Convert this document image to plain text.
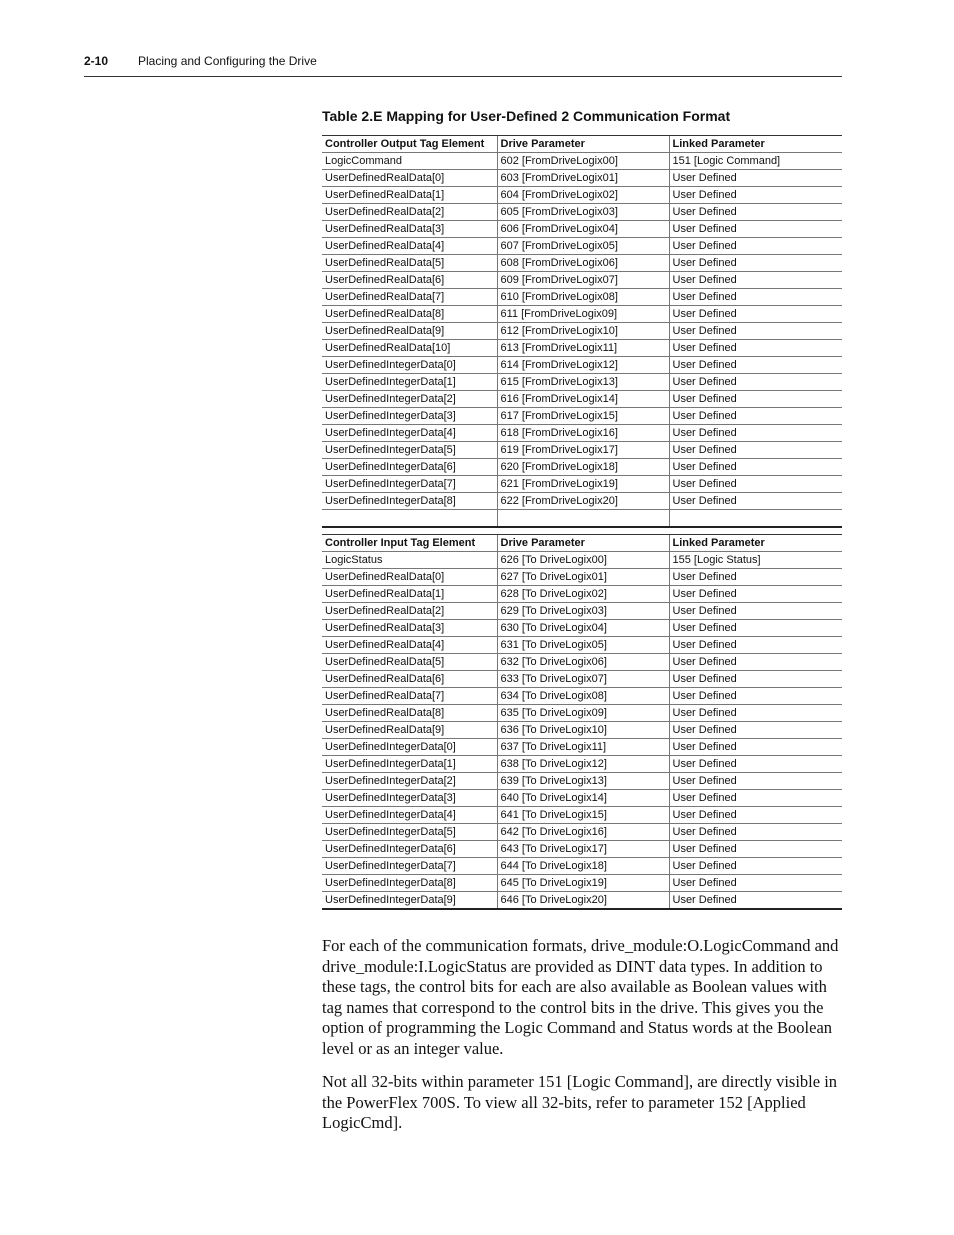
2-10 Placing and Configuring the Drive
Table 2.E Mapping for User-Defined 2 Communication Format
Controller Output Tag Element	Drive Parameter	Linked Parameter
LogicCommand	602 [FromDriveLogix00]	151 [Logic Command]
UserDefinedRealData[0]	603 [FromDriveLogix01]	User Defined
UserDefinedRealData[1]	604 [FromDriveLogix02]	User Defined
UserDefinedRealData[2]	605 [FromDriveLogix03]	User Defined
UserDefinedRealData[3]	606 [FromDriveLogix04]	User Defined
UserDefinedRealData[4]	607 [FromDriveLogix05]	User Defined
UserDefinedRealData[5]	608 [FromDriveLogix06]	User Defined
UserDefinedRealData[6]	609 [FromDriveLogix07]	User Defined
UserDefinedRealData[7]	610 [FromDriveLogix08]	User Defined
UserDefinedRealData[8]	611 [FromDriveLogix09]	User Defined
UserDefinedRealData[9]	612 [FromDriveLogix10]	User Defined
UserDefinedRealData[10]	613 [FromDriveLogix11]	User Defined
UserDefinedIntegerData[0]	614 [FromDriveLogix12]	User Defined
UserDefinedIntegerData[1]	615 [FromDriveLogix13]	User Defined
UserDefinedIntegerData[2]	616 [FromDriveLogix14]	User Defined
UserDefinedIntegerData[3]	617 [FromDriveLogix15]	User Defined
UserDefinedIntegerData[4]	618 [FromDriveLogix16]	User Defined
UserDefinedIntegerData[5]	619 [FromDriveLogix17]	User Defined
UserDefinedIntegerData[6]	620 [FromDriveLogix18]	User Defined
UserDefinedIntegerData[7]	621 [FromDriveLogix19]	User Defined
UserDefinedIntegerData[8]	622 [FromDriveLogix20]	User Defined

Controller Input Tag Element	Drive Parameter	Linked Parameter
LogicStatus	626 [To DriveLogix00]	155 [Logic Status]
UserDefinedRealData[0]	627 [To DriveLogix01]	User Defined
UserDefinedRealData[1]	628 [To DriveLogix02]	User Defined
UserDefinedRealData[2]	629 [To DriveLogix03]	User Defined
UserDefinedRealData[3]	630 [To DriveLogix04]	User Defined
UserDefinedRealData[4]	631 [To DriveLogix05]	User Defined
UserDefinedRealData[5]	632 [To DriveLogix06]	User Defined
UserDefinedRealData[6]	633 [To DriveLogix07]	User Defined
UserDefinedRealData[7]	634 [To DriveLogix08]	User Defined
UserDefinedRealData[8]	635 [To DriveLogix09]	User Defined
UserDefinedRealData[9]	636 [To DriveLogix10]	User Defined
UserDefinedIntegerData[0]	637 [To DriveLogix11]	User Defined
UserDefinedIntegerData[1]	638 [To DriveLogix12]	User Defined
UserDefinedIntegerData[2]	639 [To DriveLogix13]	User Defined
UserDefinedIntegerData[3]	640 [To DriveLogix14]	User Defined
UserDefinedIntegerData[4]	641 [To DriveLogix15]	User Defined
UserDefinedIntegerData[5]	642 [To DriveLogix16]	User Defined
UserDefinedIntegerData[6]	643 [To DriveLogix17]	User Defined
UserDefinedIntegerData[7]	644 [To DriveLogix18]	User Defined
UserDefinedIntegerData[8]	645 [To DriveLogix19]	User Defined
UserDefinedIntegerData[9]	646 [To DriveLogix20]	User Defined

For each of the communication formats, drive_module:O.LogicCommand and drive_module:I.LogicStatus are provided as DINT data types. In addition to these tags, the control bits for each are also available as Boolean values with tag names that correspond to the control bits in the drive. This gives you the option of programming the Logic Command and Status words at the Boolean level or as an integer value.

Not all 32-bits within parameter 151 [Logic Command], are directly visible in the PowerFlex 700S. To view all 32-bits, refer to parameter 152 [Applied LogicCmd].
